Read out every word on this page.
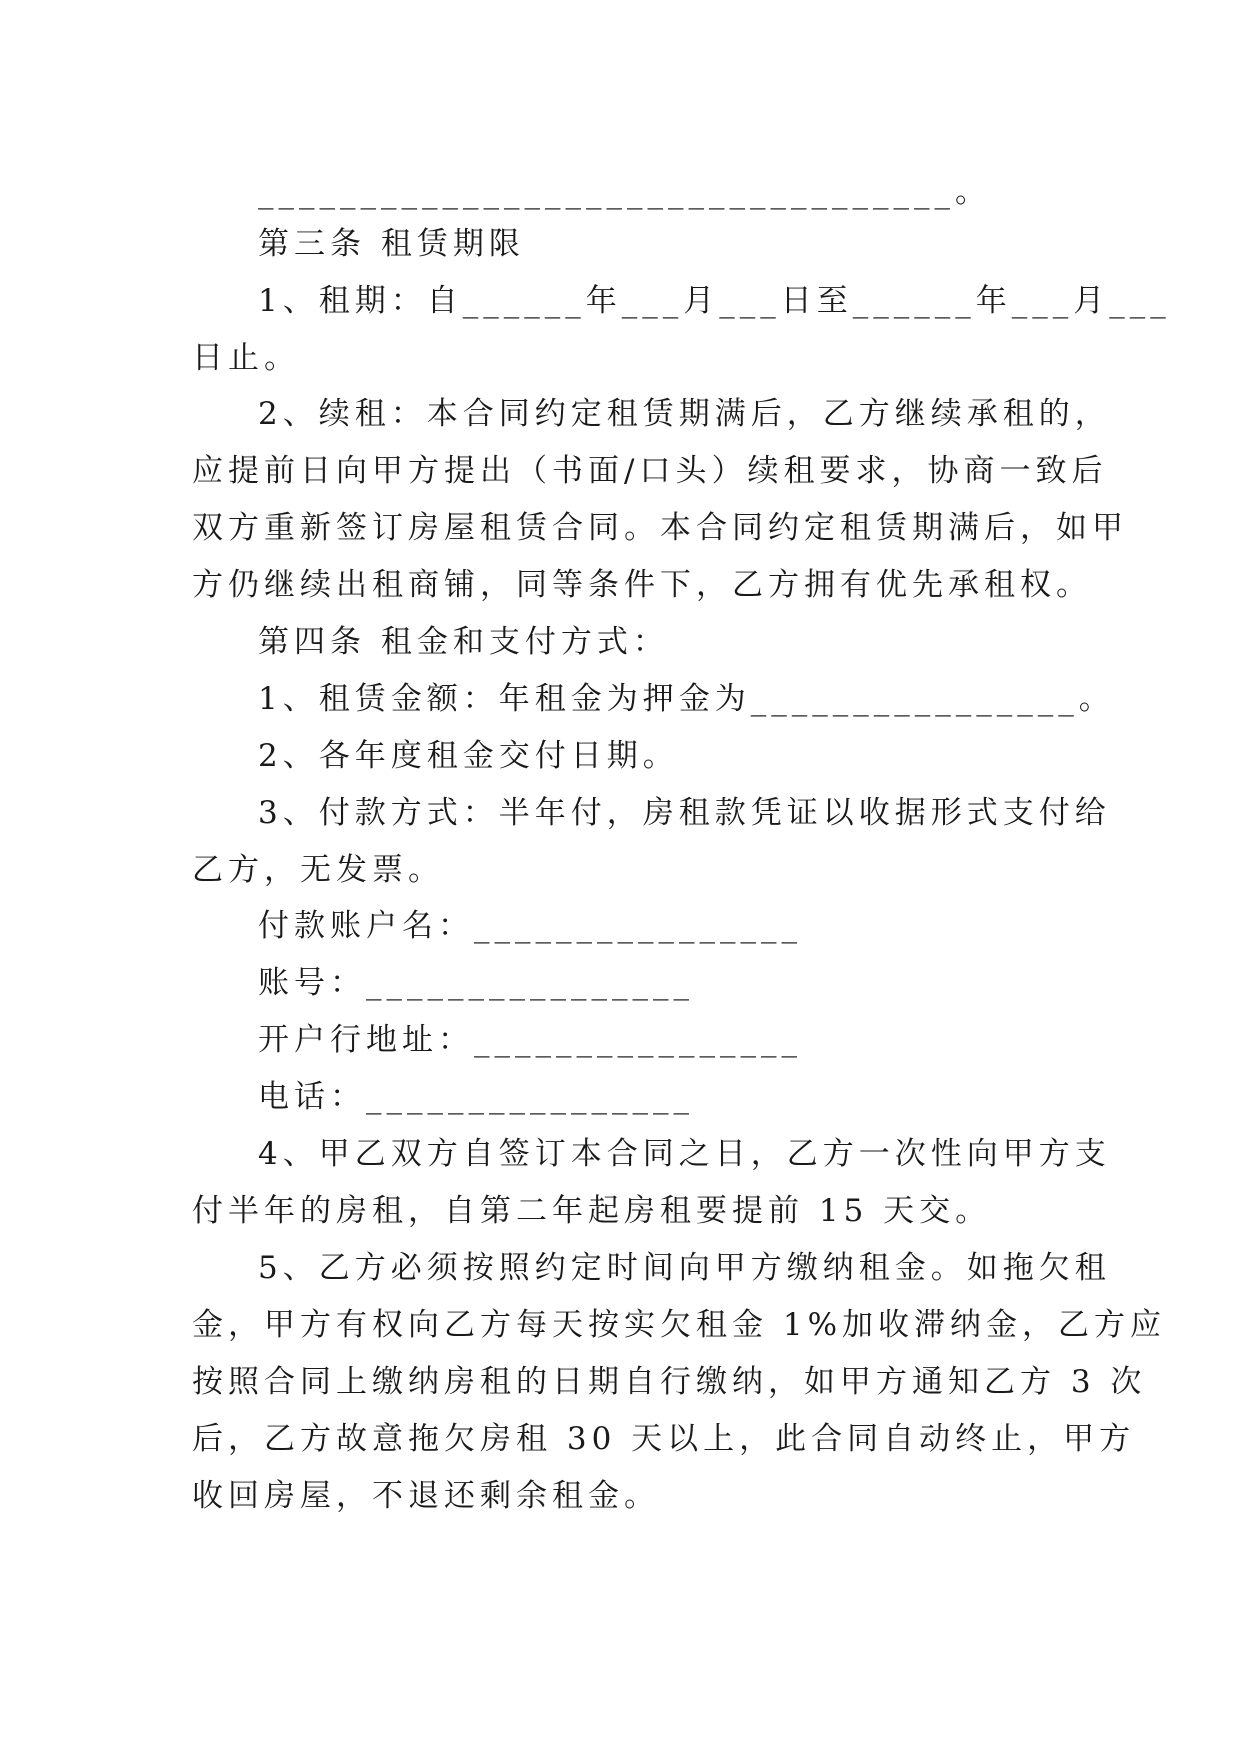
__________________________________。
第三条 租赁期限
1、租期：自______年___月___日至______年___月___
日止。
2、续租：本合同约定租赁期满后，乙方继续承租的，
应提前日向甲方提出（书面/口头）续租要求，协商一致后
双方重新签订房屋租赁合同。本合同约定租赁期满后，如甲
方仍继续出租商铺，同等条件下，乙方拥有优先承租权。
第四条 租金和支付方式：
1、租赁金额：年租金为押金为________________。
2、各年度租金交付日期。
3、付款方式：半年付，房租款凭证以收据形式支付给
乙方，无发票。
付款账户名：________________
账号：________________
开户行地址：________________
电话：________________
4、甲乙双方自签订本合同之日，乙方一次性向甲方支
付半年的房租，自第二年起房租要提前 15 天交。
5、乙方必须按照约定时间向甲方缴纳租金。如拖欠租
金，甲方有权向乙方每天按实欠租金 1%加收滞纳金，乙方应
按照合同上缴纳房租的日期自行缴纳，如甲方通知乙方 3 次
后，乙方故意拖欠房租 30 天以上，此合同自动终止，甲方
收回房屋，不退还剩余租金。
